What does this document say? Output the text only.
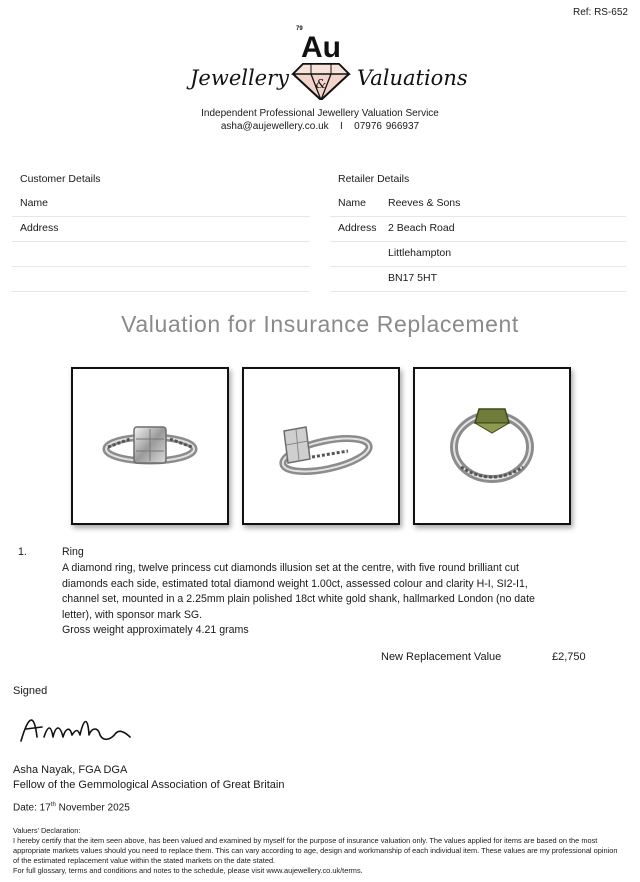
Ref: RS-652
Jewellery
79
Au
& Valuations
Independent Professional Jewellery Valuation Service
asha@aujewellery.co.uk I 07976 966937
Customer Details
Name
Address
Retailer Details
Name	Reeves & Sons
Address	2 Beach Road
Littlehampton
BN17 5HT
Valuation for Insurance Replacement
1.	Ring
A diamond ring, twelve princess cut diamonds illusion set at the centre, with five round brilliant cut diamonds each side, estimated total diamond weight 1.00ct, assessed colour and clarity H-I, SI2-I1, channel set, mounted in a 2.25mm plain polished 18ct white gold shank, hallmarked London (no date letter), with sponsor mark SG.
Gross weight approximately 4.21 grams
New Replacement Value	£2,750
Signed
Asha Nayak, FGA DGA
Fellow of the Gemmological Association of Great Britain
Date: 17th November 2025
Valuers' Declaration:
I hereby certify that the item seen above, has been valued and examined by myself for the purpose of insurance valuation only. The values applied for items are based on the most appropriate markets values should you need to replace them. This can vary according to age, design and workmanship of each individual item. These values are my professional opinion of the estimated replacement value within the stated markets on the date stated.
For full glossary, terms and conditions and notes to the schedule, please visit www.aujewellery.co.uk/terms.
